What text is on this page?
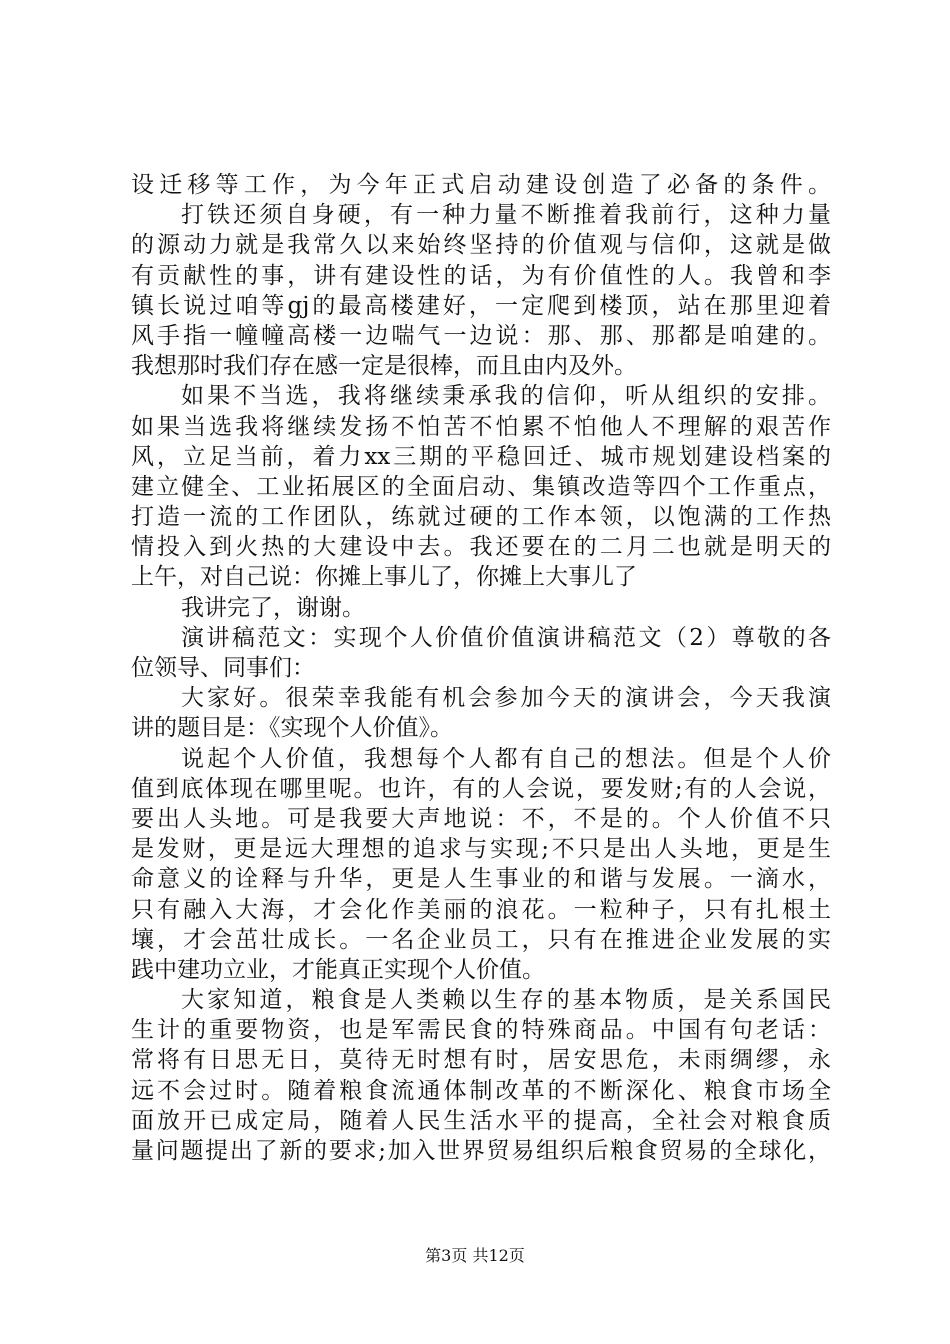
设迁移等工作，为今年正式启动建设创造了必备的条件。
打铁还须自身硬，有一种力量不断推着我前行，这种力量
的源动力就是我常久以来始终坚持的价值观与信仰，这就是做
有贡献性的事，讲有建设性的话，为有价值性的人。我曾和李
镇长说过咱等gj的最高楼建好，一定爬到楼顶，站在那里迎着
风手指一幢幢高楼一边喘气一边说：那、那、那都是咱建的。
我想那时我们存在感一定是很棒，而且由内及外。
如果不当选，我将继续秉承我的信仰，听从组织的安排。
如果当选我将继续发扬不怕苦不怕累不怕他人不理解的艰苦作
风，立足当前，着力xx三期的平稳回迁、城市规划建设档案的
建立健全、工业拓展区的全面启动、集镇改造等四个工作重点，
打造一流的工作团队，练就过硬的工作本领，以饱满的工作热
情投入到火热的大建设中去。我还要在的二月二也就是明天的
上午，对自己说：你摊上事儿了，你摊上大事儿了
我讲完了，谢谢。
演讲稿范文：实现个人价值价值演讲稿范文（2）尊敬的各
位领导、同事们：
大家好。很荣幸我能有机会参加今天的演讲会，今天我演
讲的题目是：《实现个人价值》。
说起个人价值，我想每个人都有自己的想法。但是个人价
值到底体现在哪里呢。也许，有的人会说，要发财;有的人会说，
要出人头地。可是我要大声地说：不，不是的。个人价值不只
是发财，更是远大理想的追求与实现;不只是出人头地，更是生
命意义的诠释与升华，更是人生事业的和谐与发展。一滴水，
只有融入大海，才会化作美丽的浪花。一粒种子，只有扎根土
壤，才会茁壮成长。一名企业员工，只有在推进企业发展的实
践中建功立业，才能真正实现个人价值。
大家知道，粮食是人类赖以生存的基本物质，是关系国民
生计的重要物资，也是军需民食的特殊商品。中国有句老话：
常将有日思无日，莫待无时想有时，居安思危，未雨绸缪，永
远不会过时。随着粮食流通体制改革的不断深化、粮食市场全
面放开已成定局，随着人民生活水平的提高，全社会对粮食质
量问题提出了新的要求;加入世界贸易组织后粮食贸易的全球化，
第3页 共12页
